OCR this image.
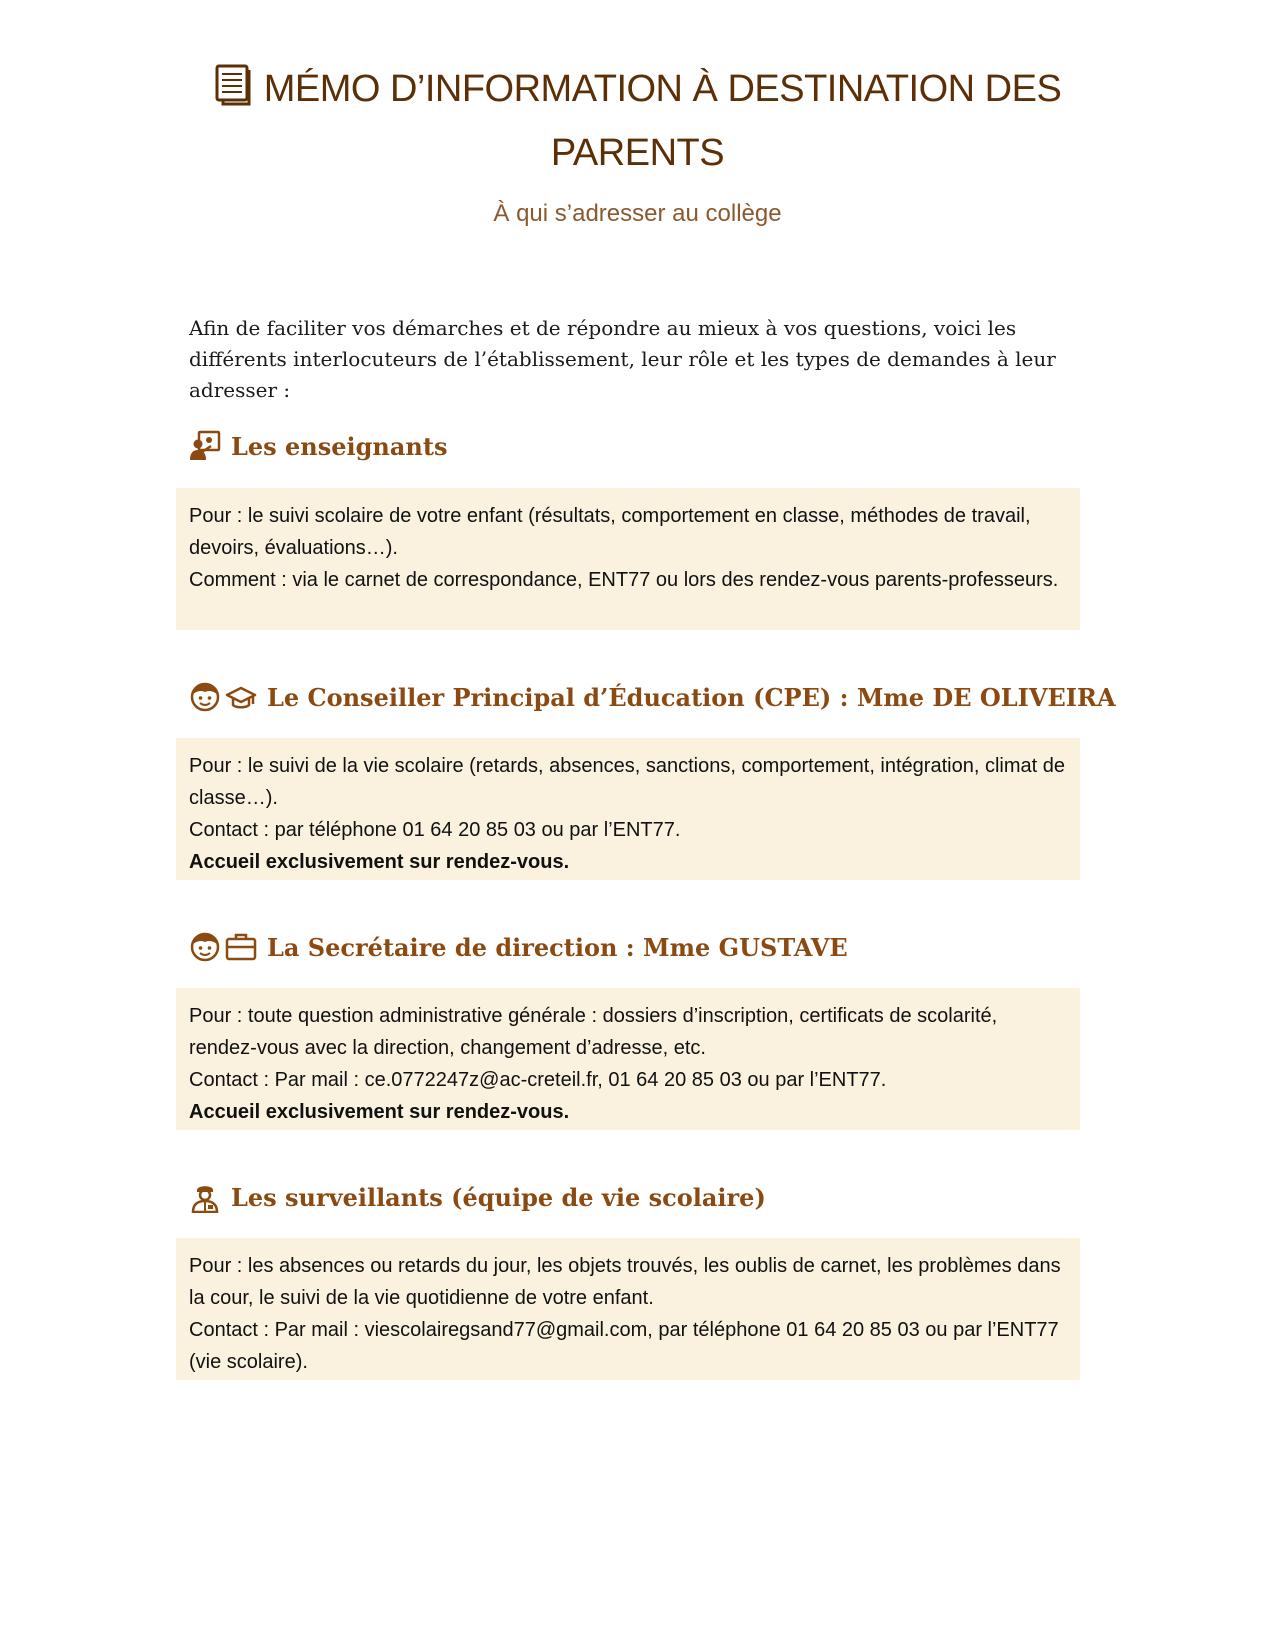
MÉMO D’INFORMATION À DESTINATION DES
PARENTS

À qui s’adresser au collège

Afin de faciliter vos démarches et de répondre au mieux à vos questions, voici les différents interlocuteurs de l’établissement, leur rôle et les types de demandes à leur adresser :

Les enseignants

Pour : le suivi scolaire de votre enfant (résultats, comportement en classe, méthodes de travail, devoirs, évaluations…).

Comment : via le carnet de correspondance, ENT77 ou lors des rendez-vous parents-professeurs.

Le Conseiller Principal d’Éducation (CPE) : Mme DE OLIVEIRA

Pour : le suivi de la vie scolaire (retards, absences, sanctions, comportement, intégration, climat de classe…).

Contact : par téléphone 01 64 20 85 03 ou par l’ENT77.

Accueil exclusivement sur rendez-vous.

La Secrétaire de direction : Mme GUSTAVE

Pour : toute question administrative générale : dossiers d’inscription, certificats de scolarité, rendez-vous avec la direction, changement d’adresse, etc.

Contact : Par mail : ce.0772247z@ac-creteil.fr, 01 64 20 85 03 ou par l’ENT77.

Accueil exclusivement sur rendez-vous.

Les surveillants (équipe de vie scolaire)

Pour : les absences ou retards du jour, les objets trouvés, les oublis de carnet, les problèmes dans la cour, le suivi de la vie quotidienne de votre enfant.

Contact : Par mail : viescolairegsand77@gmail.com, par téléphone 01 64 20 85 03 ou par l’ENT77 (vie scolaire).
